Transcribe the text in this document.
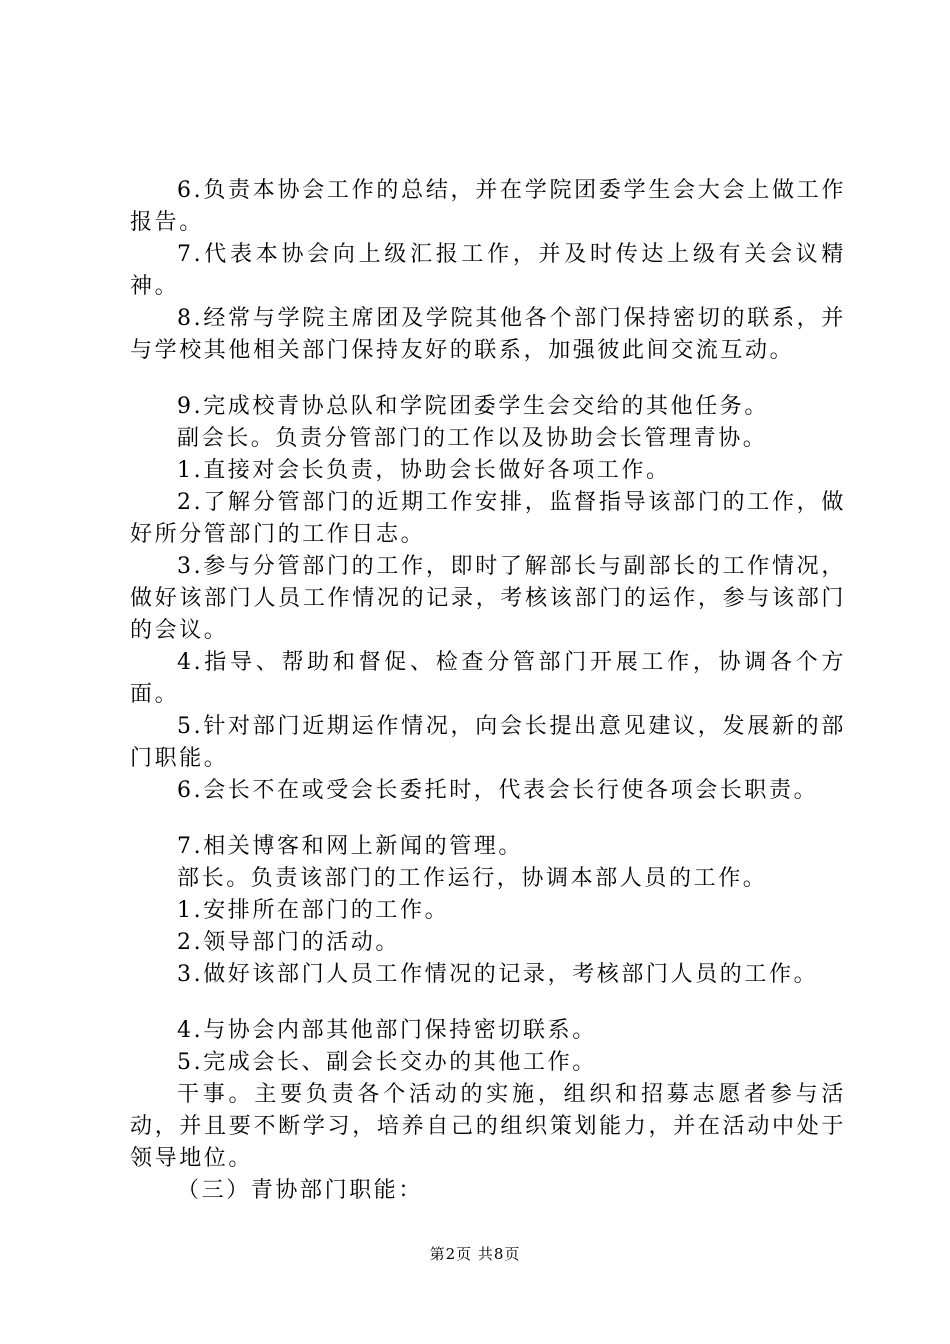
6.负责本协会工作的总结，并在学院团委学生会大会上做工作报告。

7.代表本协会向上级汇报工作，并及时传达上级有关会议精神。

8.经常与学院主席团及学院其他各个部门保持密切的联系，并与学校其他相关部门保持友好的联系，加强彼此间交流互动。

9.完成校青协总队和学院团委学生会交给的其他任务。

副会长。负责分管部门的工作以及协助会长管理青协。

1.直接对会长负责，协助会长做好各项工作。

2.了解分管部门的近期工作安排，监督指导该部门的工作，做好所分管部门的工作日志。

3.参与分管部门的工作，即时了解部长与副部长的工作情况，做好该部门人员工作情况的记录，考核该部门的运作，参与该部门的会议。

4.指导、帮助和督促、检查分管部门开展工作，协调各个方面。

5.针对部门近期运作情况，向会长提出意见建议，发展新的部门职能。

6.会长不在或受会长委托时，代表会长行使各项会长职责。

7.相关博客和网上新闻的管理。

部长。负责该部门的工作运行，协调本部人员的工作。

1.安排所在部门的工作。

2.领导部门的活动。

3.做好该部门人员工作情况的记录，考核部门人员的工作。

4.与协会内部其他部门保持密切联系。

5.完成会长、副会长交办的其他工作。

干事。主要负责各个活动的实施，组织和招募志愿者参与活动，并且要不断学习，培养自己的组织策划能力，并在活动中处于领导地位。

（三）青协部门职能：

第2页 共8页
